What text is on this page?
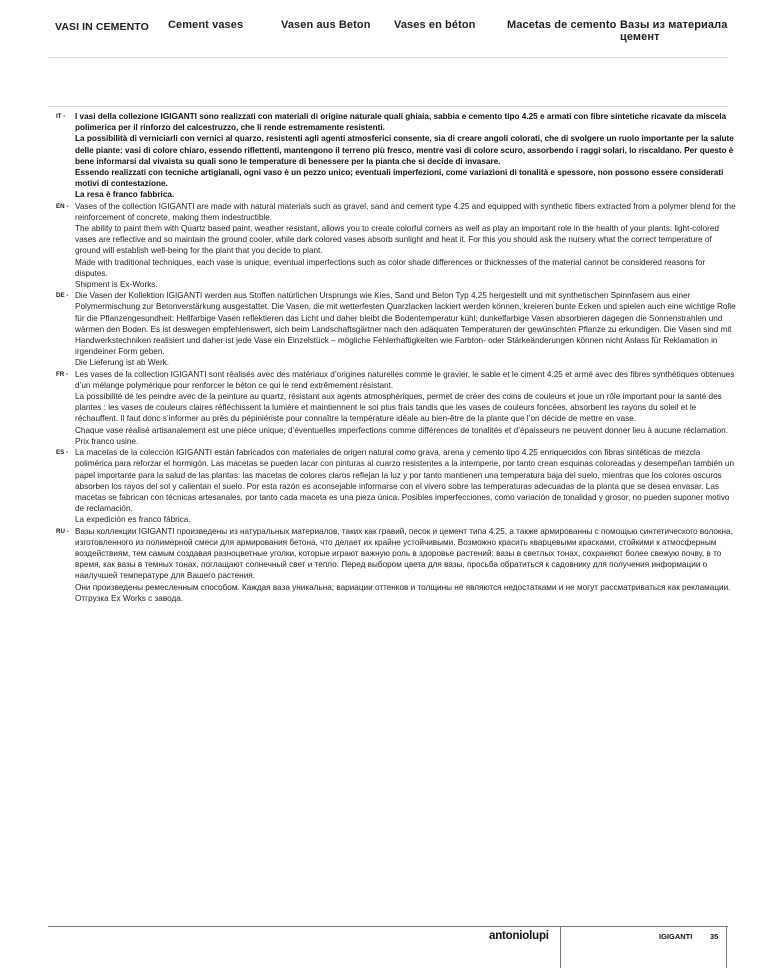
VASI IN CEMENTO Cement vases	Vasen aus Beton Vases en béton	Macetas de cemento Вазы из материала цемент
IT - I vasi della collezione IGIGANTI sono realizzati con materiali di origine naturale quali ghiaia, sabbia e cemento tipo 4.25 e armati con fibre sintetiche ricavate da miscela polimerica per il rinforzo del calcestruzzo, che li rende estremamente resistenti.

La possibilità di verniciarli con vernici al quarzo, resistenti agli agenti atmosferici consente, sia di creare angoli colorati, che di svolgere un ruolo importante per la salute delle piante: vasi di colore chiaro, essendo riflettenti, mantengono il terreno più fresco, mentre vasi di colore scuro, assorbendo i raggi solari, lo riscaldano. Per questo è bene informarsi dal vivaista su quali sono le temperature di benessere per la pianta che si decide di invasare.

Essendo realizzati con tecniche artigianali, ogni vaso è un pezzo unico; eventuali imperfezioni, come variazioni di tonalità e spessore, non possono essere considerati motivi di contestazione.

La resa è franco fabbrica.

EN - Vases of the collection IGIGANTI are made with natural materials such as gravel, sand and cement type 4.25 and equipped with synthetic fibers extracted from a polymer blend for the reinforcement of concrete, making them indestructible.

The ability to paint them with Quartz based paint, weather resistant, allows you to create colorful corners as well as play an important role in the health of your plants: light-colored vases are reflective and so maintain the ground cooler, while dark colored vases absorb sunlight and heat it. For this you should ask the nursery what the correct temperature of ground will establish well-being for the plant that you decide to plant.

Made with traditional techniques, each vase is unique; eventual imperfections such as color shade differences or thicknesses of the material cannot be considered reasons for disputes.

Shipment is Ex-Works.

DE - Die Vasen der Kollektion IGIGANTI werden aus Stoffen natürlichen Ursprungs wie Kies, Sand und Beton Typ 4,25 hergestellt und mit synthetischen Spinnfasern aus einer Polymermischung zur Betonverstärkung ausgestattet. Die Vasen, die mit wetterfesten Quarzlacken lackiert werden können, kreieren bunte Ecken und spielen auch eine wichtige Rolle für die Pflanzengesundheit: Hellfarbige Vasen reflektieren das Licht und daher bleibt die Bodentemperatur kühl; dunkelfarbige Vasen absorbieren dagegen die Sonnenstrahlen und wärmen den Boden. Es ist deswegen empfehlenswert, sich beim Landschaftsgärtner nach den adäquaten Temperaturen der gewünschten Pflanze zu erkundigen. Die Vasen sind mit Handwerkstechniken realisiert und daher ist jede Vase ein Einzelstück – mögliche Fehlerhaftigkeiten wie Farbton- oder Stärkeänderungen können nicht Anlass für Reklamation in irgendeiner Form geben.

Die Lieferung ist ab Werk.

FR - Les vases de la collection IGIGANTI sont réalisés avec des matériaux d’origines naturelles comme le gravier, le sable et le ciment 4.25 et armé avec des fibres synthétiques obtenues d’un mélange polymérique pour renforcer le béton ce qui le rend extrêmement résistant.

La possibilité de les peindre avec de la peinture au quartz, résistant aux agents atmosphériques, permet de créer des coins de couleurs et joue un rôle important pour la santé des plantes : les vases de couleurs claires réfléchissent la lumière et maintiennent le sol plus frais tandis que les vases de couleurs foncées, absorbent les rayons du soleil et le réchauffent. Il faut donc s’informer au près du pépiniériste pour connaître la température idéale au bien-être de la plante que l’on décide de mettre en vase.

Chaque vase réalisé artisanalement est une pièce unique; d’éventuelles imperfections comme différences de tonalités et d’épaisseurs ne peuvent donner lieu à aucune réclamation.

Prix franco usine.

ES - La macetas de la colección IGIGANTI están fabricados con materiales de origen natural como grava, arena y cemento tipo 4.25 enriquecidos con fibras sintéticas de mezcla polimérica para reforzar el hormigón. Las macetas se pueden lacar con pinturas al cuarzo resistentes a la intemperie, por tanto crean esquinas coloreadas y desempeñan también un papel importante para la salud de las plantas: las macetas de colores claros reflejan la luz y por tanto mantienen una temperatura baja del suelo, mientras que los colores oscuros absorben los rayos del sol y calientan el suelo. Por esta razón es aconsejable informarse con el vivero sobre las temperaturas adecuadas de la planta que se desea envasar. Las macetas se fabrican con técnicas artesanales, por tanto cada maceta es una pieza única. Posibles imperfecciones, como variación de tonalidad y grosor, no pueden suponer motivo de reclamación.

La expedición es franco fábrica.

RU - Вазы коллекции IGIGANTI произведены из натуральных материалов, таких как гравий, песок и цемент типа 4.25, а также армированны с помощью синтетического волокна, изготовленного из полимерной смеси для армирования бетона, что делает их крайне устойчивыми. Возможно красить кварцевыми красками, стойкими к атмосферным воздействиям, тем самым создавая разноцветные уголки, которые играют важную роль в здоровье растений: вазы в светлых тонах, сохраняют более свежую почву, в то время, как вазы в темных тонах, поглащают солнечный свет и тепло. Перед выбором цвета для вазы, просьба обратиться к садовнику для получения информации о наилучшей температуре для Вашего растения.

Они произведены ремесленным способом. Каждая ваза уникальна; вариации оттенков и толщины не являются недостатками и не могут рассматриваться как рекламации.

Отгрузка Ex Works с завода.

antoniolupi	IGIGANTI 35
